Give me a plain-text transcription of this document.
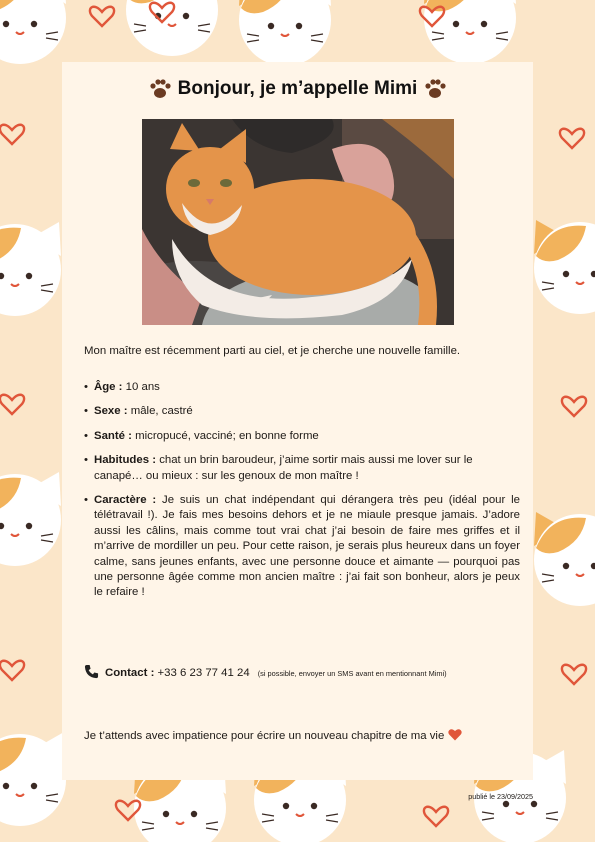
Bonjour, je m’appelle Mimi
Mon maître est récemment parti au ciel, et je cherche une nouvelle famille.
• Âge : 10 ans
• Sexe : mâle, castré
• Santé : micropucé, vacciné; en bonne forme
• Habitudes : chat un brin baroudeur, j’aime sortir mais aussi me lover sur le canapé… ou mieux : sur les genoux de mon maître !
• Caractère : Je suis un chat indépendant qui dérangera très peu (idéal pour le télétravail !). Je fais mes besoins dehors et je ne miaule presque jamais. J’adore aussi les câlins, mais comme tout vrai chat j’ai besoin de faire mes griffes et il m’arrive de mordiller un peu. Pour cette raison, je serais plus heureux dans un foyer calme, sans jeunes enfants, avec une personne douce et aimante — pourquoi pas une personne âgée comme mon ancien maître : j’ai fait son bonheur, alors je peux le refaire !
Contact : +33 6 23 77 41 24 (si possible, envoyer un SMS avant en mentionnant Mimi)
Je t’attends avec impatience pour écrire un nouveau chapitre de ma vie
publié le 23/09/2025
